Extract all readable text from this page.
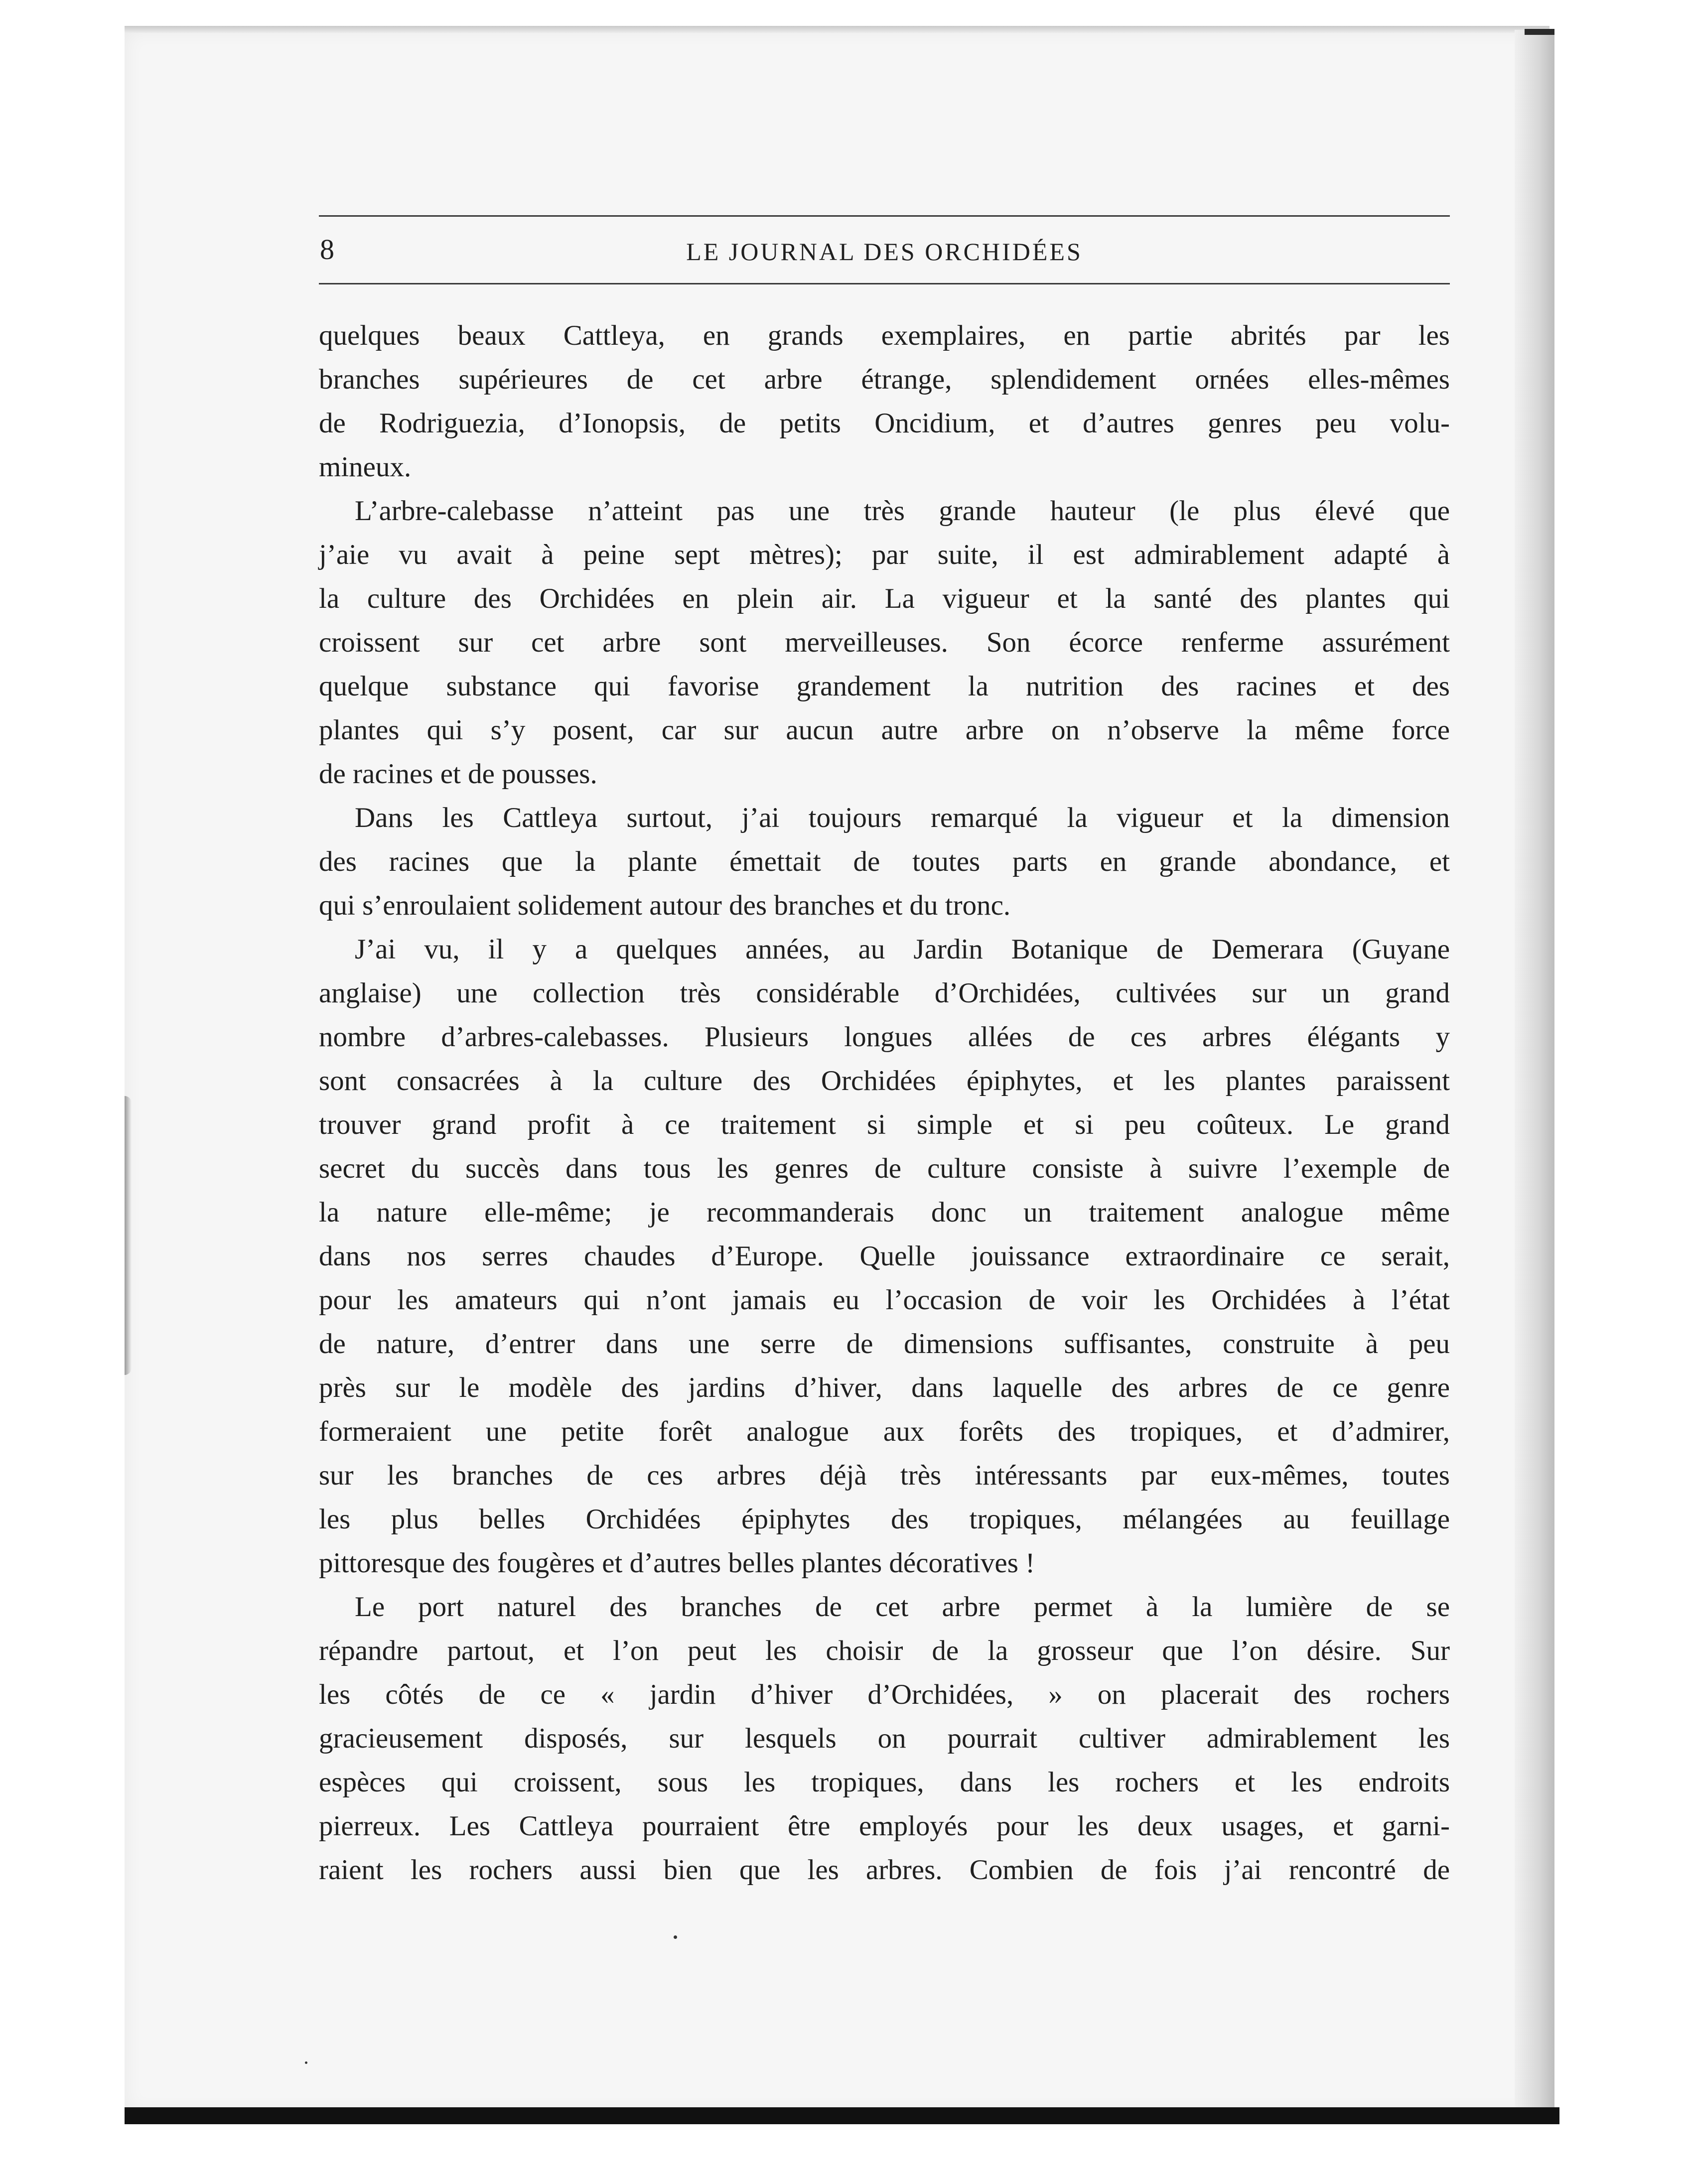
8	LE JOURNAL DES ORCHIDÉES
quelques beaux Cattleya, en grands exemplaires, en partie abrités par les
branches supérieures de cet arbre étrange, splendidement ornées elles-mêmes
de Rodriguezia, d’Ionopsis, de petits Oncidium, et d’autres genres peu volu-
mineux.
L’arbre-calebasse n’atteint pas une très grande hauteur (le plus élevé que
j’aie vu avait à peine sept mètres); par suite, il est admirablement adapté à
la culture des Orchidées en plein air. La vigueur et la santé des plantes qui
croissent sur cet arbre sont merveilleuses. Son écorce renferme assurément
quelque substance qui favorise grandement la nutrition des racines et des
plantes qui s’y posent, car sur aucun autre arbre on n’observe la même force
de racines et de pousses.
Dans les Cattleya surtout, j’ai toujours remarqué la vigueur et la dimension
des racines que la plante émettait de toutes parts en grande abondance, et
qui s’enroulaient solidement autour des branches et du tronc.
J’ai vu, il y a quelques années, au Jardin Botanique de Demerara (Guyane
anglaise) une collection très considérable d’Orchidées, cultivées sur un grand
nombre d’arbres-calebasses. Plusieurs longues allées de ces arbres élégants y
sont consacrées à la culture des Orchidées épiphytes, et les plantes paraissent
trouver grand profit à ce traitement si simple et si peu coûteux. Le grand
secret du succès dans tous les genres de culture consiste à suivre l’exemple de
la nature elle-même; je recommanderais donc un traitement analogue même
dans nos serres chaudes d’Europe. Quelle jouissance extraordinaire ce serait,
pour les amateurs qui n’ont jamais eu l’occasion de voir les Orchidées à l’état
de nature, d’entrer dans une serre de dimensions suffisantes, construite à peu
près sur le modèle des jardins d’hiver, dans laquelle des arbres de ce genre
formeraient une petite forêt analogue aux forêts des tropiques, et d’admirer,
sur les branches de ces arbres déjà très intéressants par eux-mêmes, toutes
les plus belles Orchidées épiphytes des tropiques, mélangées au feuillage
pittoresque des fougères et d’autres belles plantes décoratives !
Le port naturel des branches de cet arbre permet à la lumière de se
répandre partout, et l’on peut les choisir de la grosseur que l’on désire. Sur
les côtés de ce « jardin d’hiver d’Orchidées, » on placerait des rochers
gracieusement disposés, sur lesquels on pourrait cultiver admirablement les
espèces qui croissent, sous les tropiques, dans les rochers et les endroits
pierreux. Les Cattleya pourraient être employés pour les deux usages, et garni-
raient les rochers aussi bien que les arbres. Combien de fois j’ai rencontré de
